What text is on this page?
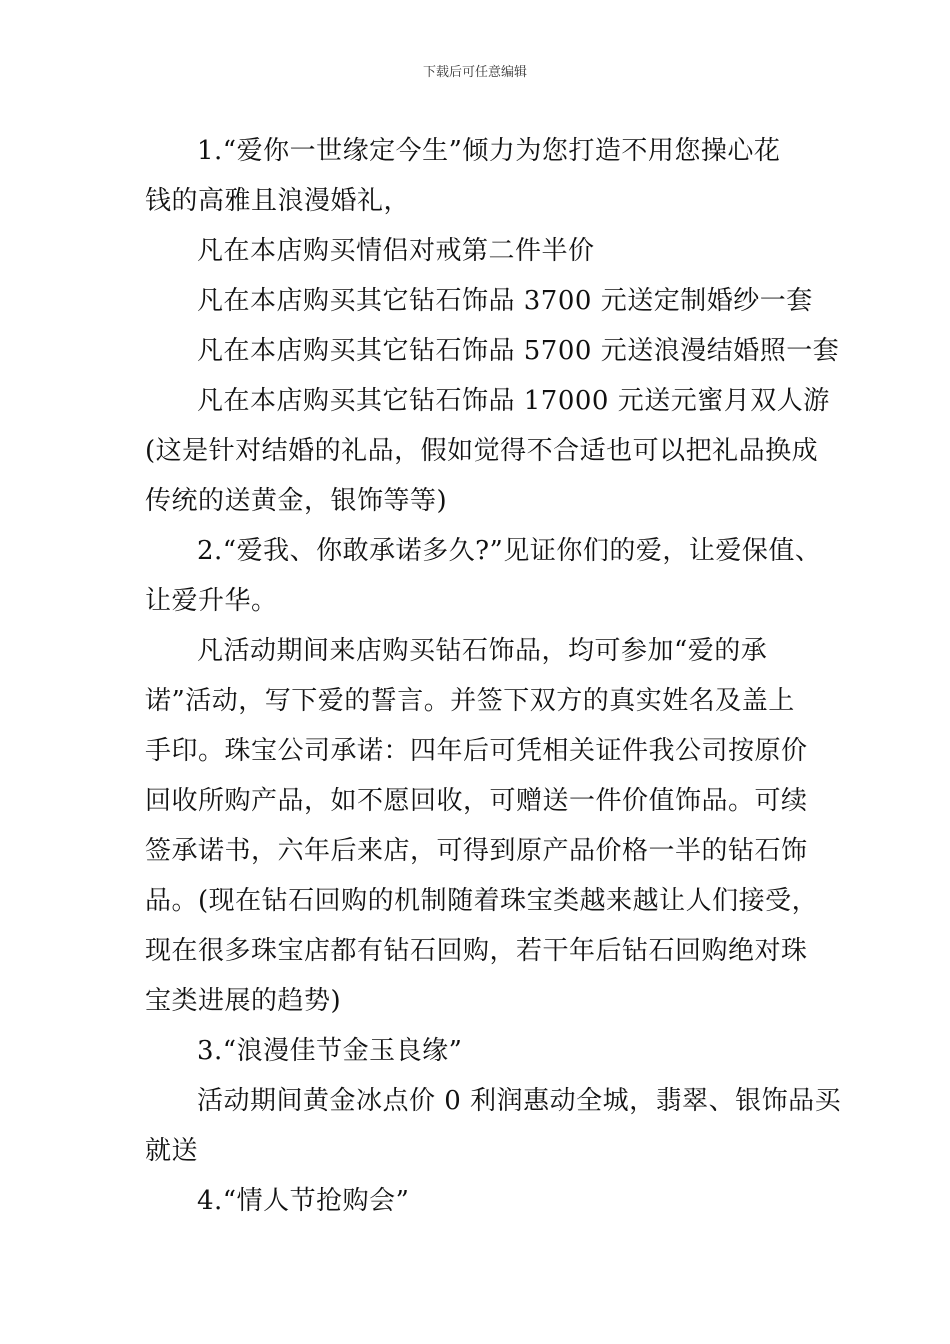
下载后可任意编辑
1.“爱你一世缘定今生”倾力为您打造不用您操心花
钱的高雅且浪漫婚礼，
凡在本店购买情侣对戒第二件半价
凡在本店购买其它钻石饰品 3700 元送定制婚纱一套
凡在本店购买其它钻石饰品 5700 元送浪漫结婚照一套
凡在本店购买其它钻石饰品 17000 元送元蜜月双人游
(这是针对结婚的礼品，假如觉得不合适也可以把礼品换成
传统的送黄金，银饰等等)
2.“爱我、你敢承诺多久?”见证你们的爱，让爱保值、
让爱升华。
凡活动期间来店购买钻石饰品，均可参加“爱的承
诺”活动，写下爱的誓言。并签下双方的真实姓名及盖上
手印。珠宝公司承诺：四年后可凭相关证件我公司按原价
回收所购产品，如不愿回收，可赠送一件价值饰品。可续
签承诺书，六年后来店，可得到原产品价格一半的钻石饰
品。(现在钻石回购的机制随着珠宝类越来越让人们接受，
现在很多珠宝店都有钻石回购，若干年后钻石回购绝对珠
宝类进展的趋势)
3.“浪漫佳节金玉良缘”
活动期间黄金冰点价 0 利润惠动全城，翡翠、银饰品买
就送
4.“情人节抢购会”
